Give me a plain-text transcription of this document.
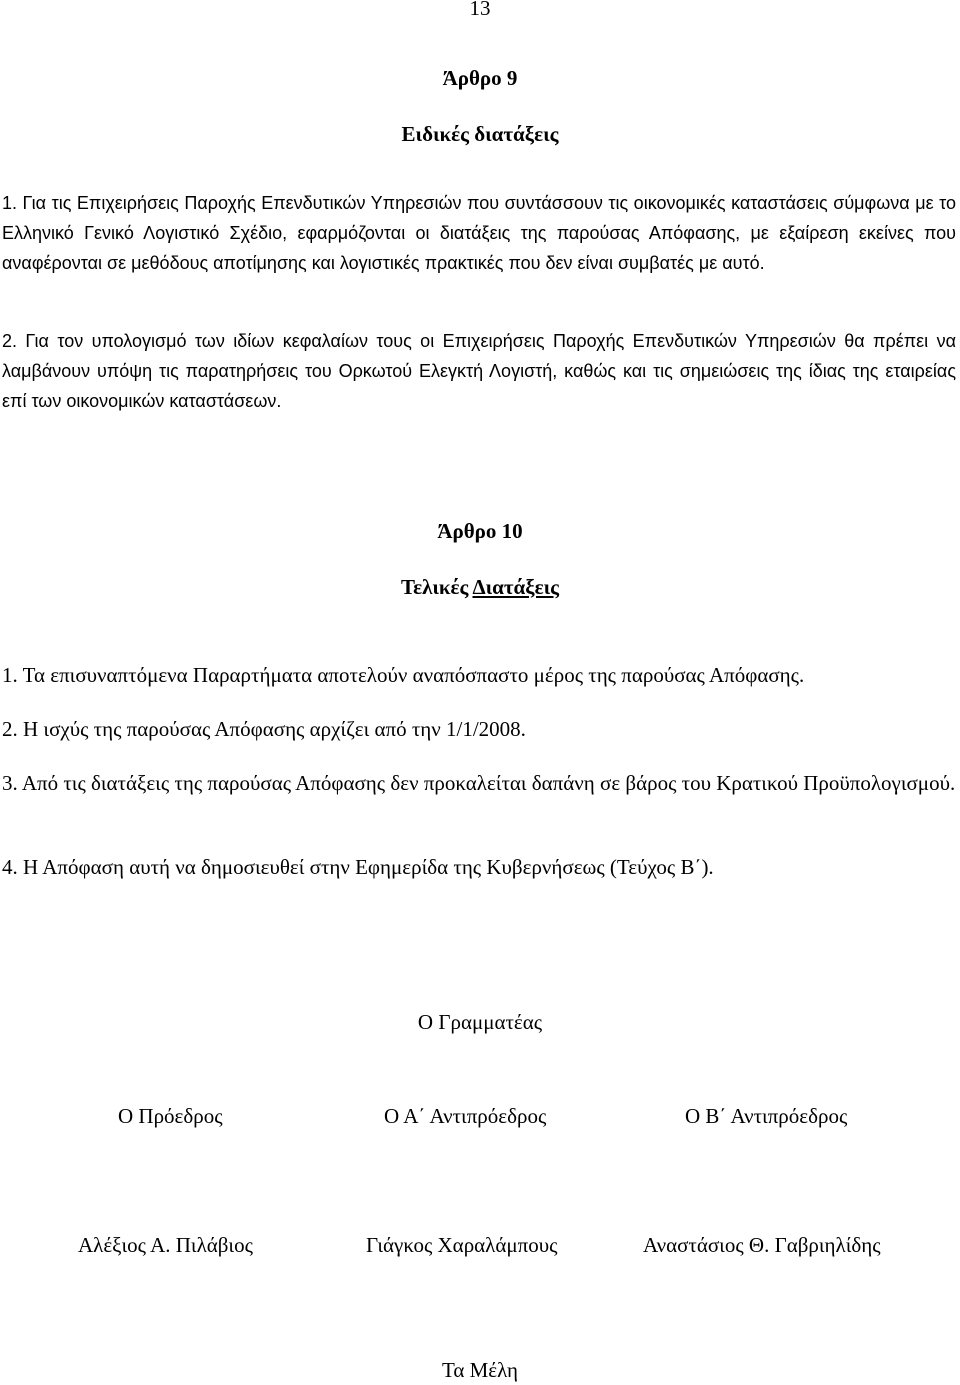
13
Άρθρο 9
Ειδικές διατάξεις

1. Για τις Επιχειρήσεις Παροχής Επενδυτικών Υπηρεσιών που συντάσσουν τις οικονομικές καταστάσεις σύμφωνα με το Ελληνικό Γενικό Λογιστικό Σχέδιο, εφαρμόζονται οι διατάξεις της παρούσας Απόφασης, με εξαίρεση εκείνες που αναφέρονται σε μεθόδους αποτίμησης και λογιστικές πρακτικές που δεν είναι συμβατές με αυτό.

2. Για τον υπολογισμό των ιδίων κεφαλαίων τους οι Επιχειρήσεις Παροχής Επενδυτικών Υπηρεσιών θα πρέπει να λαμβάνουν υπόψη τις παρατηρήσεις του Ορκωτού Ελεγκτή Λογιστή, καθώς και τις σημειώσεις της ίδιας της εταιρείας επί των οικονομικών καταστάσεων.

Άρθρο 10
Τελικές Διατάξεις

1. Τα επισυναπτόμενα Παραρτήματα αποτελούν αναπόσπαστο μέρος της παρούσας Απόφασης.

2. Η ισχύς της παρούσας Απόφασης αρχίζει από την 1/1/2008.

3. Από τις διατάξεις της παρούσας Απόφασης δεν προκαλείται δαπάνη σε βάρος του Κρατικού Προϋπολογισμού.

4. Η Απόφαση αυτή να δημοσιευθεί στην Εφημερίδα της Κυβερνήσεως (Τεύχος Β΄).

Ο Γραμματέας
Ο Πρόεδρος	Ο Α΄ Αντιπρόεδρος	Ο Β΄ Αντιπρόεδρος
Αλέξιος Α. Πιλάβιος	Γιάγκος Χαραλάμπους	Αναστάσιος Θ. Γαβριηλίδης
Τα Μέλη
